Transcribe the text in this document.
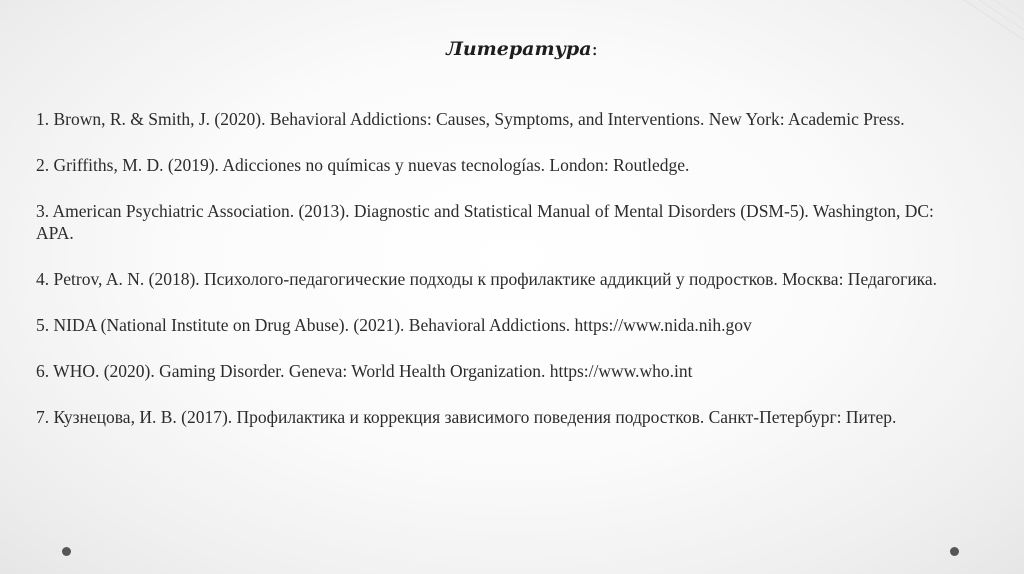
Литература:

1. Brown, R. & Smith, J. (2020). Behavioral Addictions: Causes, Symptoms, and Interventions. New York: Academic Press.

2. Griffiths, M. D. (2019). Adicciones no químicas y nuevas tecnologías. London: Routledge.

3. American Psychiatric Association. (2013). Diagnostic and Statistical Manual of Mental Disorders (DSM-5). Washington, DC: APA.

4. Petrov, A. N. (2018). Психолого-педагогические подходы к профилактике аддикций у подростков. Москва: Педагогика.

5. NIDA (National Institute on Drug Abuse). (2021). Behavioral Addictions. https://www.nida.nih.gov

6. WHO. (2020). Gaming Disorder. Geneva: World Health Organization. https://www.who.int

7. Кузнецова, И. В. (2017). Профилактика и коррекция зависимого поведения подростков. Санкт-Петербург: Питер.
